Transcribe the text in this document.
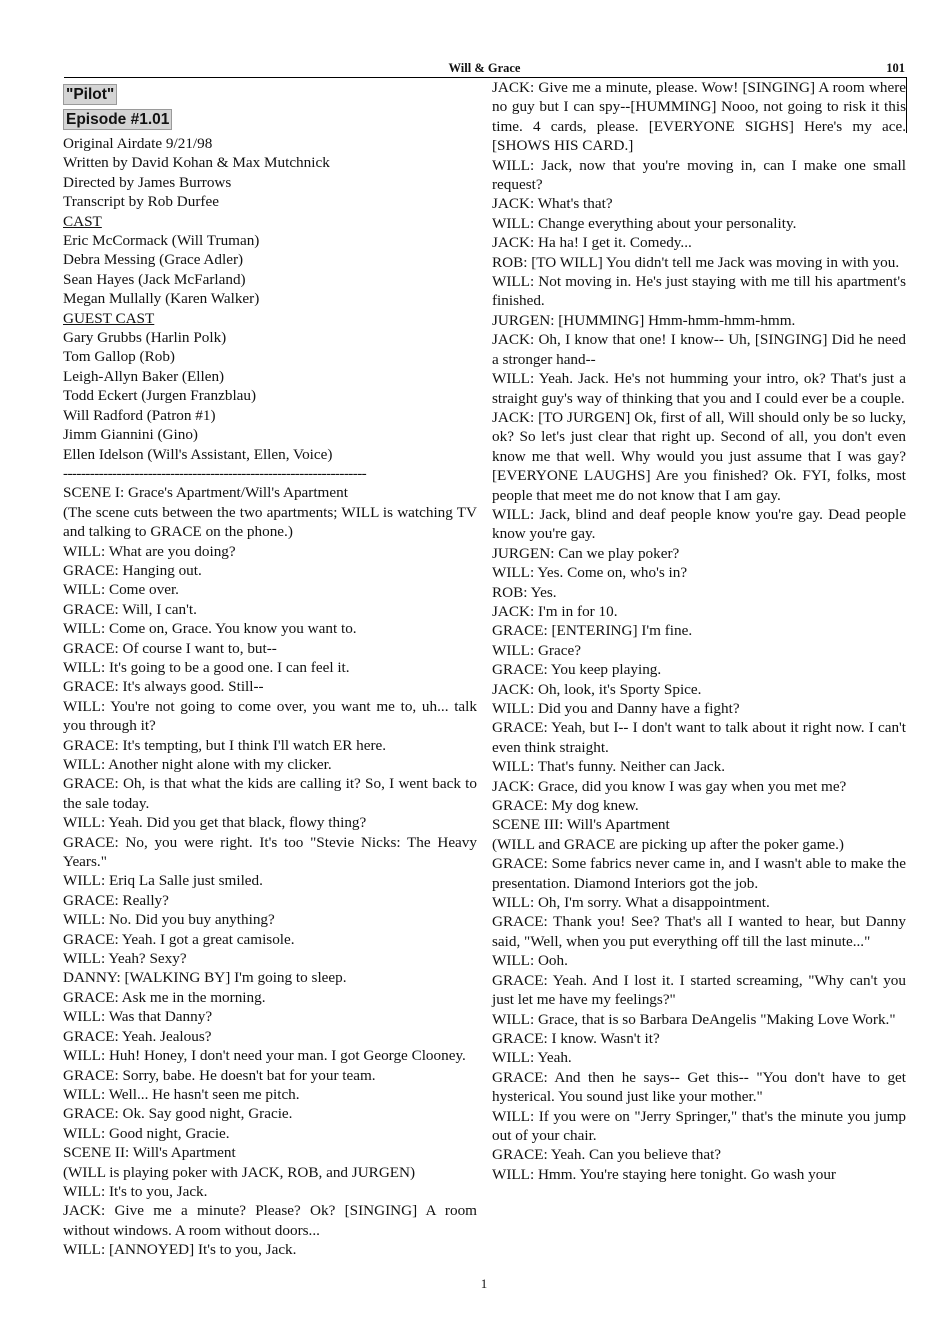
Will & Grace	101
"Pilot"
Episode #1.01

Original Airdate 9/21/98

Written by David Kohan & Max Mutchnick

Directed by James Burrows

Transcript by Rob Durfee

CAST

Eric McCormack (Will Truman)

Debra Messing (Grace Adler)

Sean Hayes (Jack McFarland)

Megan Mullally (Karen Walker)

GUEST CAST

Gary Grubbs (Harlin Polk)

Tom Gallop (Rob)

Leigh-Allyn Baker (Ellen)

Todd Eckert (Jurgen Franzblau)

Will Radford (Patron #1)

Jimm Giannini (Gino)

Ellen Idelson (Will's Assistant, Ellen, Voice)

--------------------------------------------------------------------

SCENE I: Grace's Apartment/Will's Apartment

(The scene cuts between the two apartments; WILL is watching TV and talking to GRACE on the phone.)

WILL: What are you doing?

GRACE: Hanging out.

WILL: Come over.

GRACE: Will, I can't.

WILL: Come on, Grace. You know you want to.

GRACE: Of course I want to, but--

WILL: It's going to be a good one. I can feel it.

GRACE: It's always good. Still--

WILL: You're not going to come over, you want me to, uh... talk you through it?

GRACE: It's tempting, but I think I'll watch ER here.

WILL: Another night alone with my clicker.

GRACE: Oh, is that what the kids are calling it? So, I went back to the sale today.

WILL: Yeah. Did you get that black, flowy thing?

GRACE: No, you were right. It's too "Stevie Nicks: The Heavy Years."

WILL: Eriq La Salle just smiled.

GRACE: Really?

WILL: No. Did you buy anything?

GRACE: Yeah. I got a great camisole.

WILL: Yeah? Sexy?

DANNY: [WALKING BY] I'm going to sleep.

GRACE: Ask me in the morning.

WILL: Was that Danny?

GRACE: Yeah. Jealous?

WILL: Huh! Honey, I don't need your man. I got George Clooney.

GRACE: Sorry, babe. He doesn't bat for your team.

WILL: Well... He hasn't seen me pitch.

GRACE: Ok. Say good night, Gracie.

WILL: Good night, Gracie.

SCENE II: Will's Apartment

(WILL is playing poker with JACK, ROB, and JURGEN)

WILL: It's to you, Jack.

JACK: Give me a minute? Please? Ok? [SINGING] A room without windows. A room without doors...

WILL: [ANNOYED] It's to you, Jack.

JACK: Give me a minute, please. Wow! [SINGING] A room where no guy but I can spy--[HUMMING] Nooo, not going to risk it this time. 4 cards, please. [EVERYONE SIGHS] Here's my ace. [SHOWS HIS CARD.]

WILL: Jack, now that you're moving in, can I make one small request?

JACK: What's that?

WILL: Change everything about your personality.

JACK: Ha ha! I get it. Comedy...

ROB: [TO WILL] You didn't tell me Jack was moving in with you.

WILL: Not moving in. He's just staying with me till his apartment's finished.

JURGEN: [HUMMING] Hmm-hmm-hmm-hmm.

JACK: Oh, I know that one! I know-- Uh, [SINGING] Did he need a stronger hand--

WILL: Yeah. Jack. He's not humming your intro, ok? That's just a straight guy's way of thinking that you and I could ever be a couple.

JACK: [TO JURGEN] Ok, first of all, Will should only be so lucky, ok? So let's just clear that right up. Second of all, you don't even know me that well. Why would you just assume that I was gay? [EVERYONE LAUGHS] Are you finished? Ok. FYI, folks, most people that meet me do not know that I am gay.

WILL: Jack, blind and deaf people know you're gay. Dead people know you're gay.

JURGEN: Can we play poker?

WILL: Yes. Come on, who's in?

ROB: Yes.

JACK: I'm in for 10.

GRACE: [ENTERING] I'm fine.

WILL: Grace?

GRACE: You keep playing.

JACK: Oh, look, it's Sporty Spice.

WILL: Did you and Danny have a fight?

GRACE: Yeah, but I-- I don't want to talk about it right now. I can't even think straight.

WILL: That's funny. Neither can Jack.

JACK: Grace, did you know I was gay when you met me?

GRACE: My dog knew.

SCENE III: Will's Apartment

(WILL and GRACE are picking up after the poker game.)

GRACE: Some fabrics never came in, and I wasn't able to make the presentation. Diamond Interiors got the job.

WILL: Oh, I'm sorry. What a disappointment.

GRACE: Thank you! See? That's all I wanted to hear, but Danny said, "Well, when you put everything off till the last minute..."

WILL: Ooh.

GRACE: Yeah. And I lost it. I started screaming, "Why can't you just let me have my feelings?"

WILL: Grace, that is so Barbara DeAngelis "Making Love Work."

GRACE: I know. Wasn't it?

WILL: Yeah.

GRACE: And then he says-- Get this-- "You don't have to get hysterical. You sound just like your mother."

WILL: If you were on "Jerry Springer," that's the minute you jump out of your chair.

GRACE: Yeah. Can you believe that?

WILL: Hmm. You're staying here tonight. Go wash your

1
